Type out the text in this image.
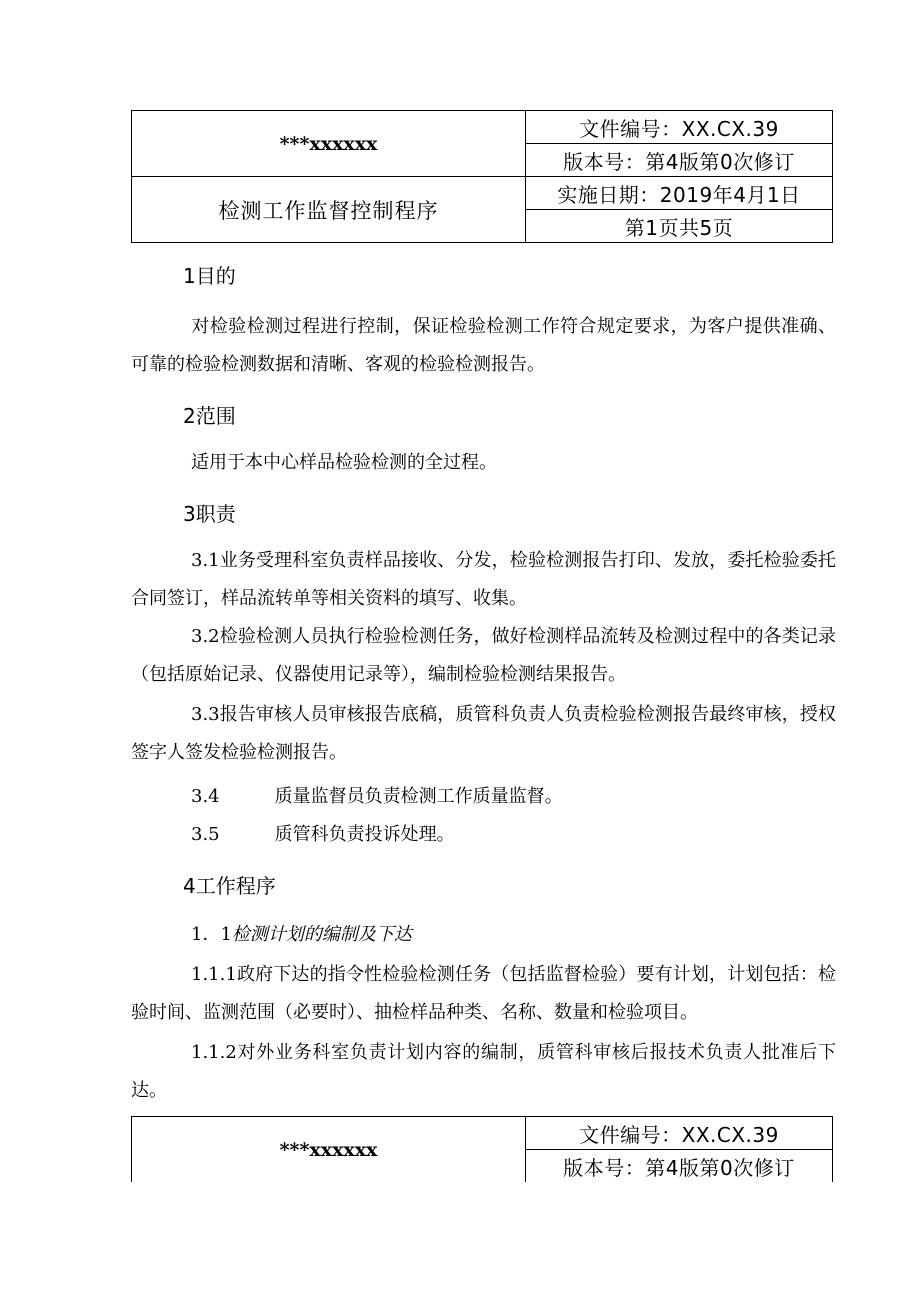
***xxxxxx	文件编号：XX.CX.39
	版本号：第4版第0次修订
检测工作监督控制程序	实施日期：2019年4月1日
	第1页共5页
1目的
对检验检测过程进行控制，保证检验检测工作符合规定要求，为客户提供准确、可靠的检验检测数据和清晰、客观的检验检测报告。
2范围
适用于本中心样品检验检测的全过程。
3职责
3.1业务受理科室负责样品接收、分发，检验检测报告打印、发放，委托检验委托合同签订，样品流转单等相关资料的填写、收集。
3.2检验检测人员执行检验检测任务，做好检测样品流转及检测过程中的各类记录（包括原始记录、仪器使用记录等），编制检验检测结果报告。
3.3报告审核人员审核报告底稿，质管科负责人负责检验检测报告最终审核，授权签字人签发检验检测报告。
3.4	质量监督员负责检测工作质量监督。
3.5	质管科负责投诉处理。
4工作程序
1．1检测计划的编制及下达
1.1.1政府下达的指令性检验检测任务（包括监督检验）要有计划，计划包括：检验时间、监测范围（必要时）、抽检样品种类、名称、数量和检验项目。
1.1.2对外业务科室负责计划内容的编制，质管科审核后报技术负责人批准后下达。
***xxxxxx	文件编号：XX.CX.39
版本号：第4版第0次修订
